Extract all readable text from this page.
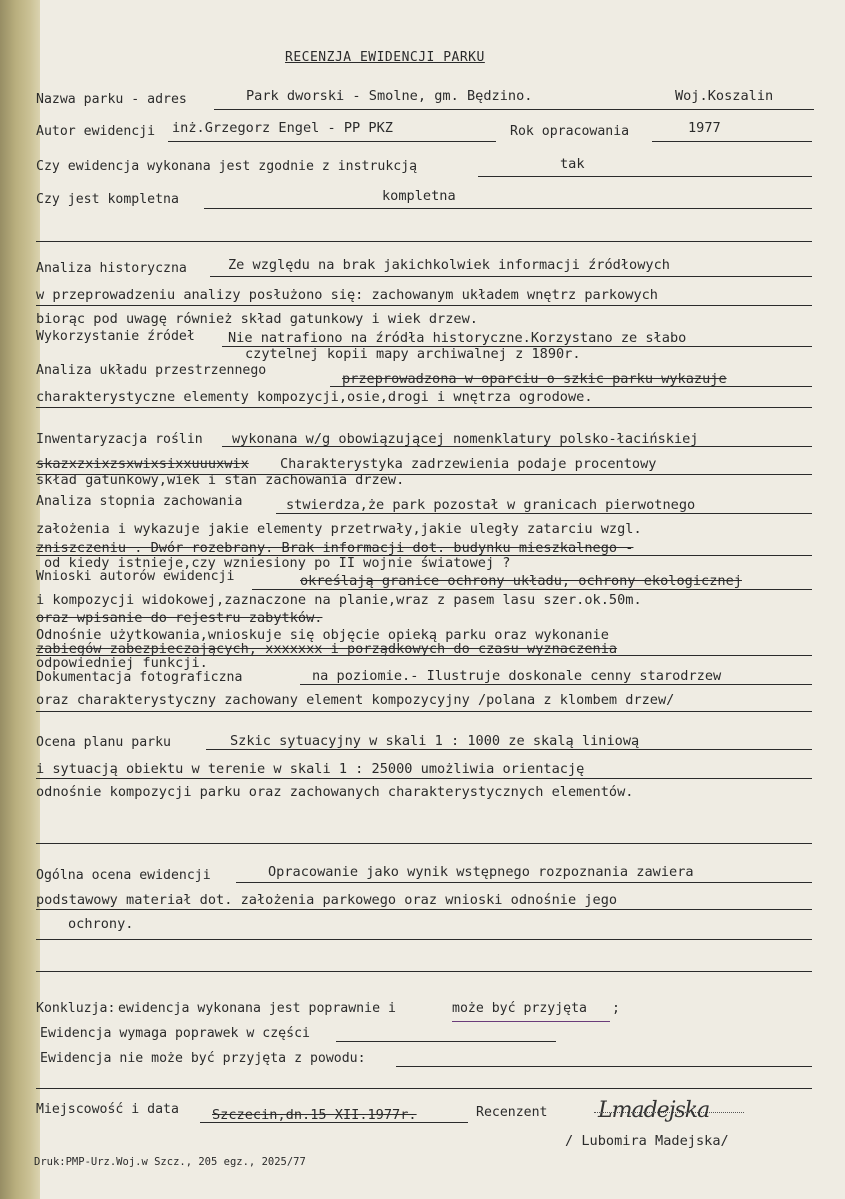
RECENZJA EWIDENCJI PARKU
Nazwa parku - adres	Park dworski - Smolne, gm. Będzino.	Woj.Koszalin
Autor ewidencji inż.Grzegorz Engel - PP PKZ	Rok opracowania	1977
Czy ewidencja wykonana jest zgodnie z instrukcją	tak
Czy jest kompletna	kompletna
Analiza historyczna	Ze względu na brak jakichkolwiek informacji źródłowych
w przeprowadzeniu analizy posłużono się: zachowanym układem wnętrz parkowych
biorąc pod uwagę również skład gatunkowy i wiek drzew.
Wykorzystanie źródeł Nie natrafiono na źródła historyczne.Korzystano ze słabo
czytelnej kopii mapy archiwalnej z 1890r.
Analiza układu przestrzennego
przeprowadzona w oparciu o szkic parku wykazuje
charakterystyczne elementy kompozycji,osie,drogi i wnętrza ogrodowe.
Inwentaryzacja roślin wykonana w/g obowiązującej nomenklatury polsko-łacińskiej
skazxzxixzsxwixsixxuuuxwix Charakterystyka zadrzewienia podaje procentowy
skład gatunkowy,wiek i stan zachowania drzew.
Analiza stopnia zachowania	stwierdza,że park pozostał w granicach pierwotnego
założenia i wykazuje jakie elementy przetrwały,jakie uległy zatarciu wzgl.
zniszczeniu . Dwór rozebrany. Brak informacji dot. budynku mieszkalnego -
od kiedy istnieje,czy wzniesiony po II wojnie światowej ?
Wnioski autorów ewidencji	określają granice ochrony układu, ochrony ekologicznej
i kompozycji widokowej,zaznaczone na planie,wraz z pasem lasu szer.ok.50m.
oraz wpisanie do rejestru zabytków.
Odnośnie użytkowania,wnioskuje się objęcie opieką parku oraz wykonanie
zabiegów zabezpieczających, xxxxxxx i porządkowych do czasu wyznaczenia
odpowiedniej funkcji.
Dokumentacja fotograficzna	na poziomie.- Ilustruje doskonale cenny starodrzew
oraz charakterystyczny zachowany element kompozycyjny /polana z klombem drzew/
Ocena planu parku	Szkic sytuacyjny w skali 1 : 1000 ze skalą liniową
i sytuacją obiektu w terenie w skali 1 : 25000 umożliwia orientację
odnośnie kompozycji parku oraz zachowanych charakterystycznych elementów.
Ogólna ocena ewidencji	Opracowanie jako wynik wstępnego rozpoznania zawiera
podstawowy materiał dot. założenia parkowego oraz wnioski odnośnie jego
ochrony.
Konkluzja: ewidencja wykonana jest poprawnie i	może być przyjęta ;
Ewidencja wymaga poprawek w części
Ewidencja nie może być przyjęta z powodu:
Miejscowość i data Szczecin,dn.15 XII.1977r.	Recenzent Lmadejska
/ Lubomira Madejska/
Druk:PMP-Urz.Woj.w Szcz., 205 egz., 2025/77
